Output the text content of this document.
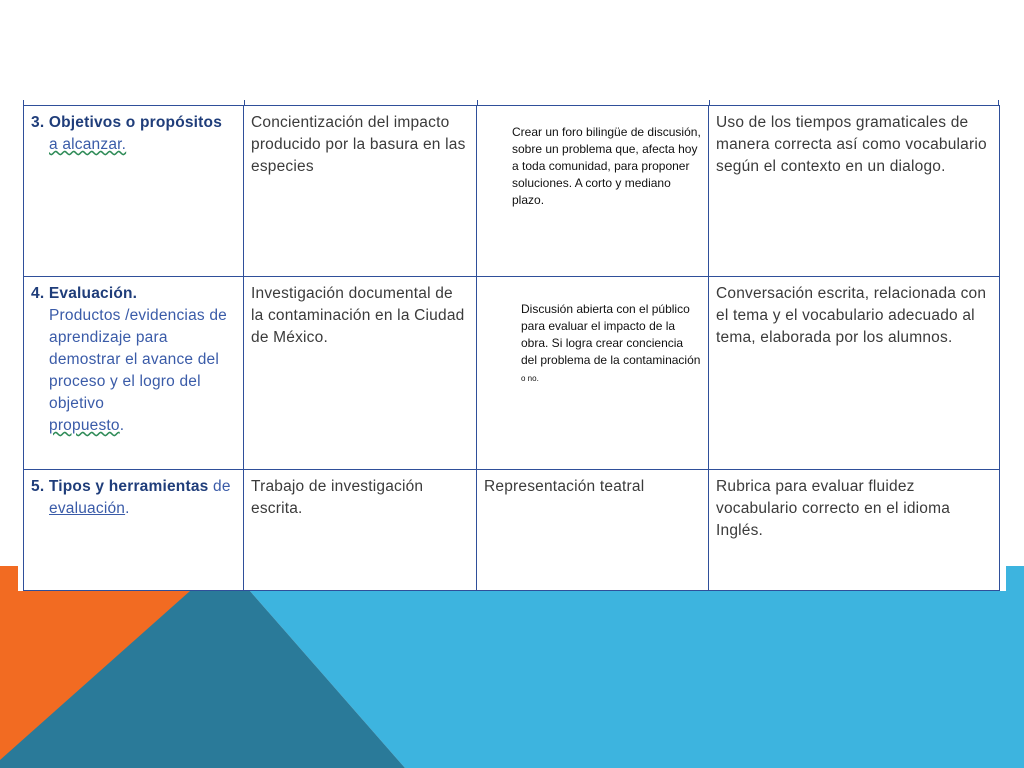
3. Objetivos o propósitos
a alcanzar.	Concientización del impacto producido por la basura en las especies	Crear un foro bilingüe de discusión, sobre un problema que, afecta hoy a toda comunidad, para proponer soluciones. A corto y mediano plazo.	Uso de los tiempos gramaticales de manera correcta así como vocabulario según el contexto en un dialogo.
4. Evaluación.
Productos /evidencias de aprendizaje para demostrar el avance del proceso y el logro del objetivo
propuesto.	Investigación documental de la contaminación en la Ciudad de México.	Discusión abierta con el público para evaluar el impacto de la obra. Si logra crear conciencia del problema de la contaminación o no.	Conversación escrita, relacionada con el tema y el vocabulario adecuado al tema, elaborada por los alumnos.
5. Tipos y herramientas de
evaluación.	Trabajo de investigación escrita.	Representación teatral	Rubrica para evaluar fluidez vocabulario correcto en el idioma Inglés.
